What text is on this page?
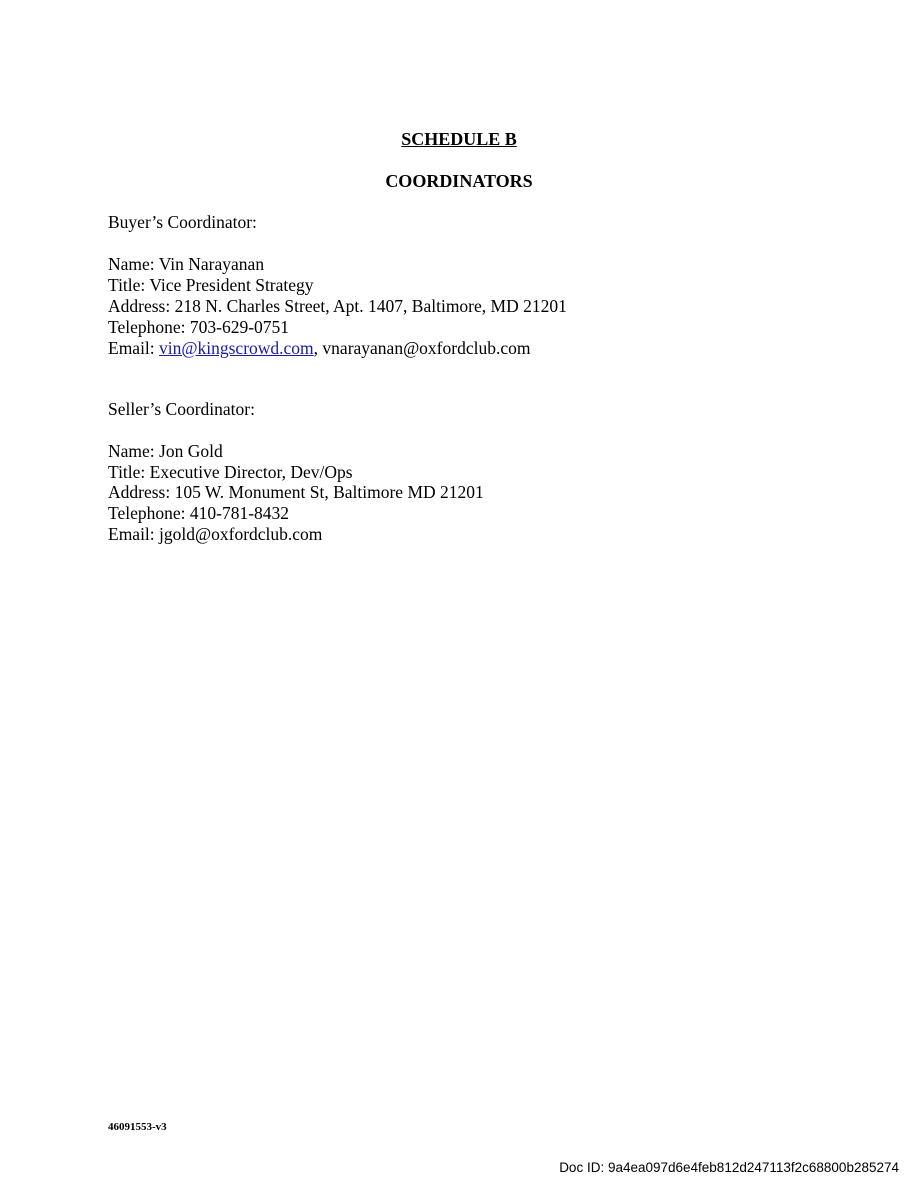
SCHEDULE B
COORDINATORS
Buyer’s Coordinator:
Name: Vin Narayanan
Title: Vice President Strategy
Address: 218 N. Charles Street, Apt. 1407, Baltimore, MD 21201
Telephone: 703-629-0751
Email: vin@kingscrowd.com, vnarayanan@oxfordclub.com
Seller’s Coordinator:
Name: Jon Gold
Title: Executive Director, Dev/Ops
Address: 105 W. Monument St, Baltimore MD 21201
Telephone: 410-781-8432
Email: jgold@oxfordclub.com
46091553-v3
Doc ID: 9a4ea097d6e4feb812d247113f2c68800b285274
